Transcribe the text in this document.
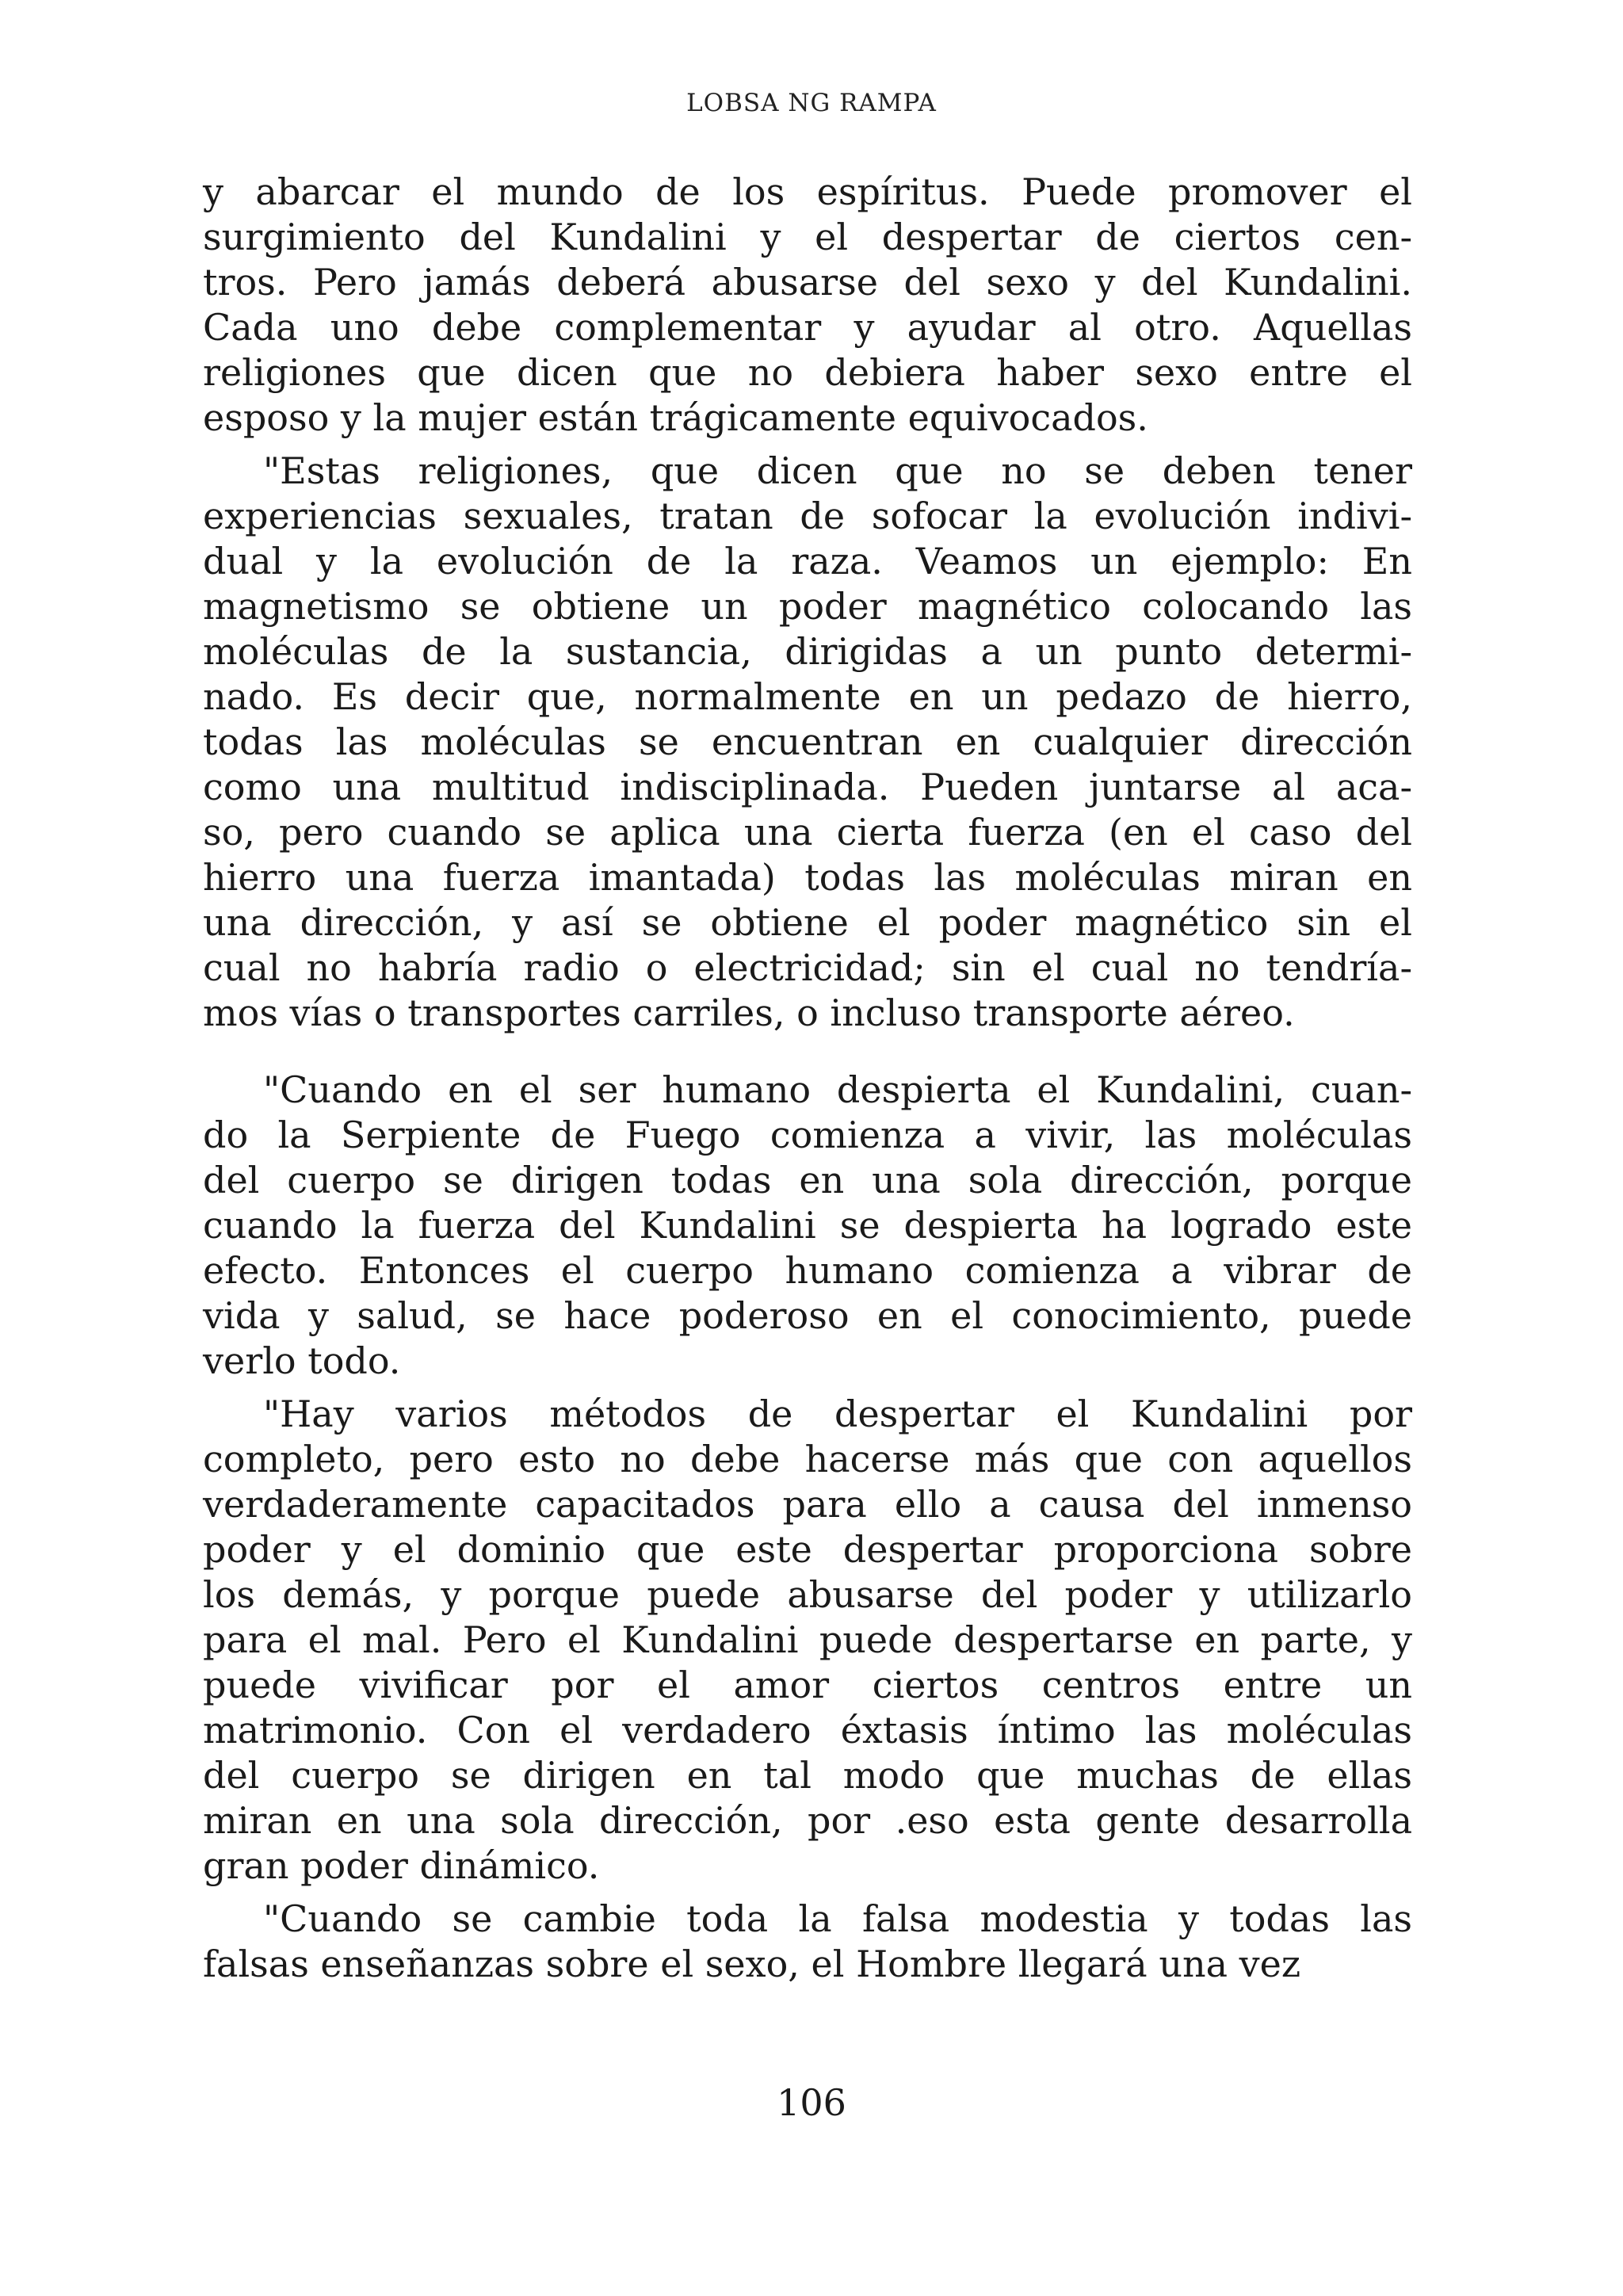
LOBSA NG RAMPA
y abarcar el mundo de los espíritus. Puede promover el
surgimiento del Kundalini y el despertar de ciertos cen-
tros. Pero jamás deberá abusarse del sexo y del Kundalini.
Cada uno debe complementar y ayudar al otro. Aquellas
religiones que dicen que no debiera haber sexo entre el
esposo y la mujer están trágicamente equivocados.
"Estas religiones, que dicen que no se deben tener
experiencias sexuales, tratan de sofocar la evolución indivi-
dual y la evolución de la raza. Veamos un ejemplo: En
magnetismo se obtiene un poder magnético colocando las
moléculas de la sustancia, dirigidas a un punto determi-
nado. Es decir que, normalmente en un pedazo de hierro,
todas las moléculas se encuentran en cualquier dirección
como una multitud indisciplinada. Pueden juntarse al aca-
so, pero cuando se aplica una cierta fuerza (en el caso del
hierro una fuerza imantada) todas las moléculas miran en
una dirección, y así se obtiene el poder magnético sin el
cual no habría radio o electricidad; sin el cual no tendría-
mos vías o transportes carriles, o incluso transporte aéreo.
"Cuando en el ser humano despierta el Kundalini, cuan-
do la Serpiente de Fuego comienza a vivir, las moléculas
del cuerpo se dirigen todas en una sola dirección, porque
cuando la fuerza del Kundalini se despierta ha logrado este
efecto. Entonces el cuerpo humano comienza a vibrar de
vida y salud, se hace poderoso en el conocimiento, puede
verlo todo.
"Hay varios métodos de despertar el Kundalini por
completo, pero esto no debe hacerse más que con aquellos
verdaderamente capacitados para ello a causa del inmenso
poder y el dominio que este despertar proporciona sobre
los demás, y porque puede abusarse del poder y utilizarlo
para el mal. Pero el Kundalini puede despertarse en parte, y
puede vivificar por el amor ciertos centros entre un
matrimonio. Con el verdadero éxtasis íntimo las moléculas
del cuerpo se dirigen en tal modo que muchas de ellas
miran en una sola dirección, por .eso esta gente desarrolla
gran poder dinámico.
"Cuando se cambie toda la falsa modestia y todas las
falsas enseñanzas sobre el sexo, el Hombre llegará una vez
106
